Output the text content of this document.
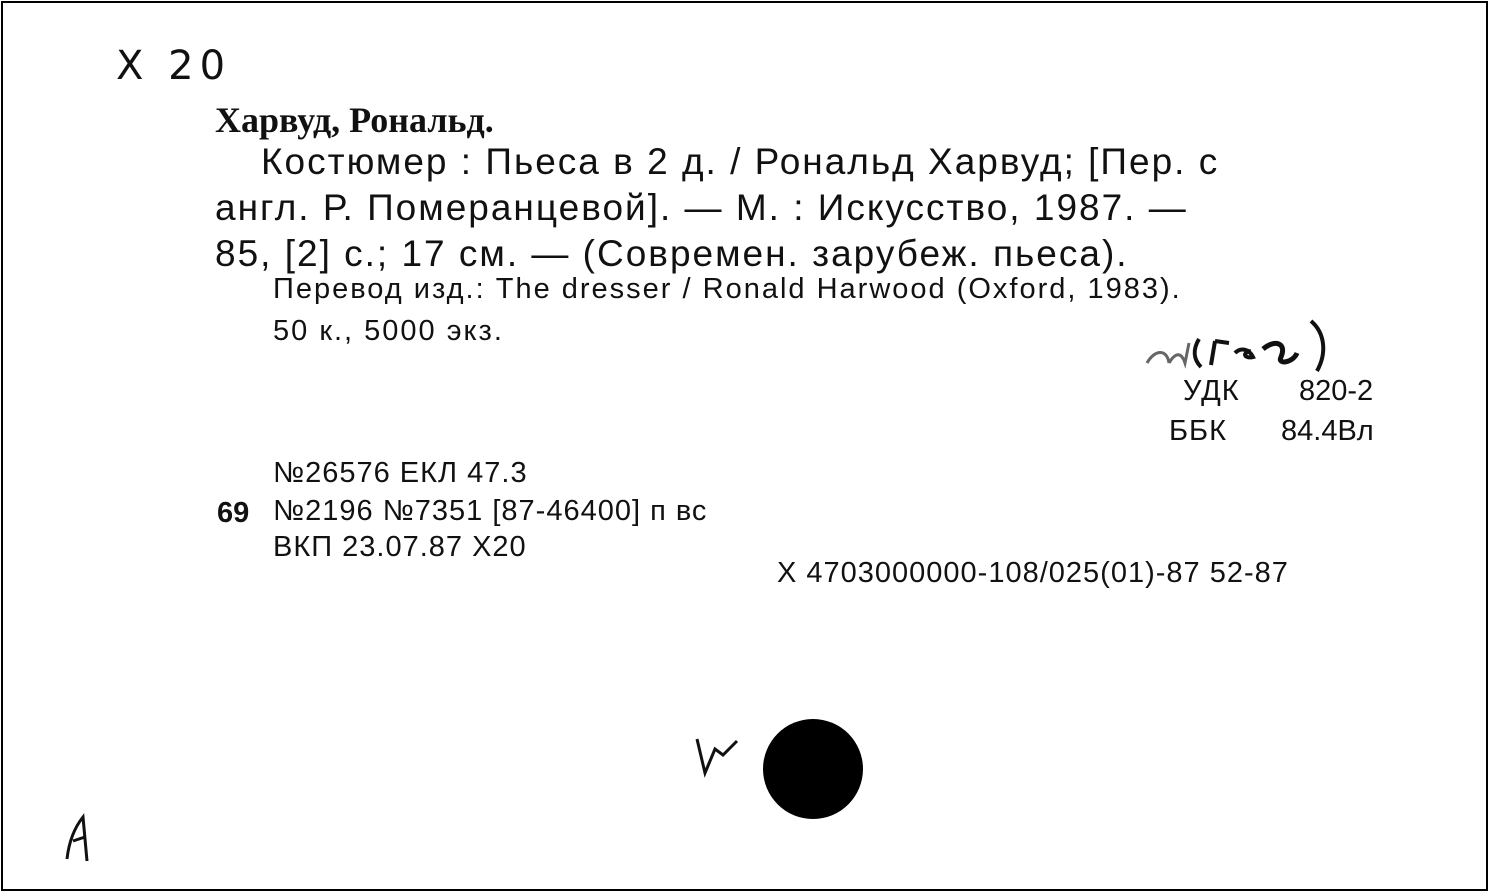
Х 20
Харвуд, Рональд.
Костюмер : Пьеса в 2 д. / Рональд Харвуд; [Пер. с
англ. Р. Померанцевой]. — М. : Искусство, 1987. —
85, [2] с.; 17 см. — (Современ. зарубеж. пьеса).
Перевод изд.: The dresser / Ronald Harwood (Oxford, 1983).
50 к., 5000 экз.
УДК 820-2
ББК 84.4Вл
№26576 ЕКЛ 47.3
69 №2196 №7351 [87-46400] п вс
ВКП 23.07.87 Х20
Х 4703000000-108/025(01)-87 52-87
